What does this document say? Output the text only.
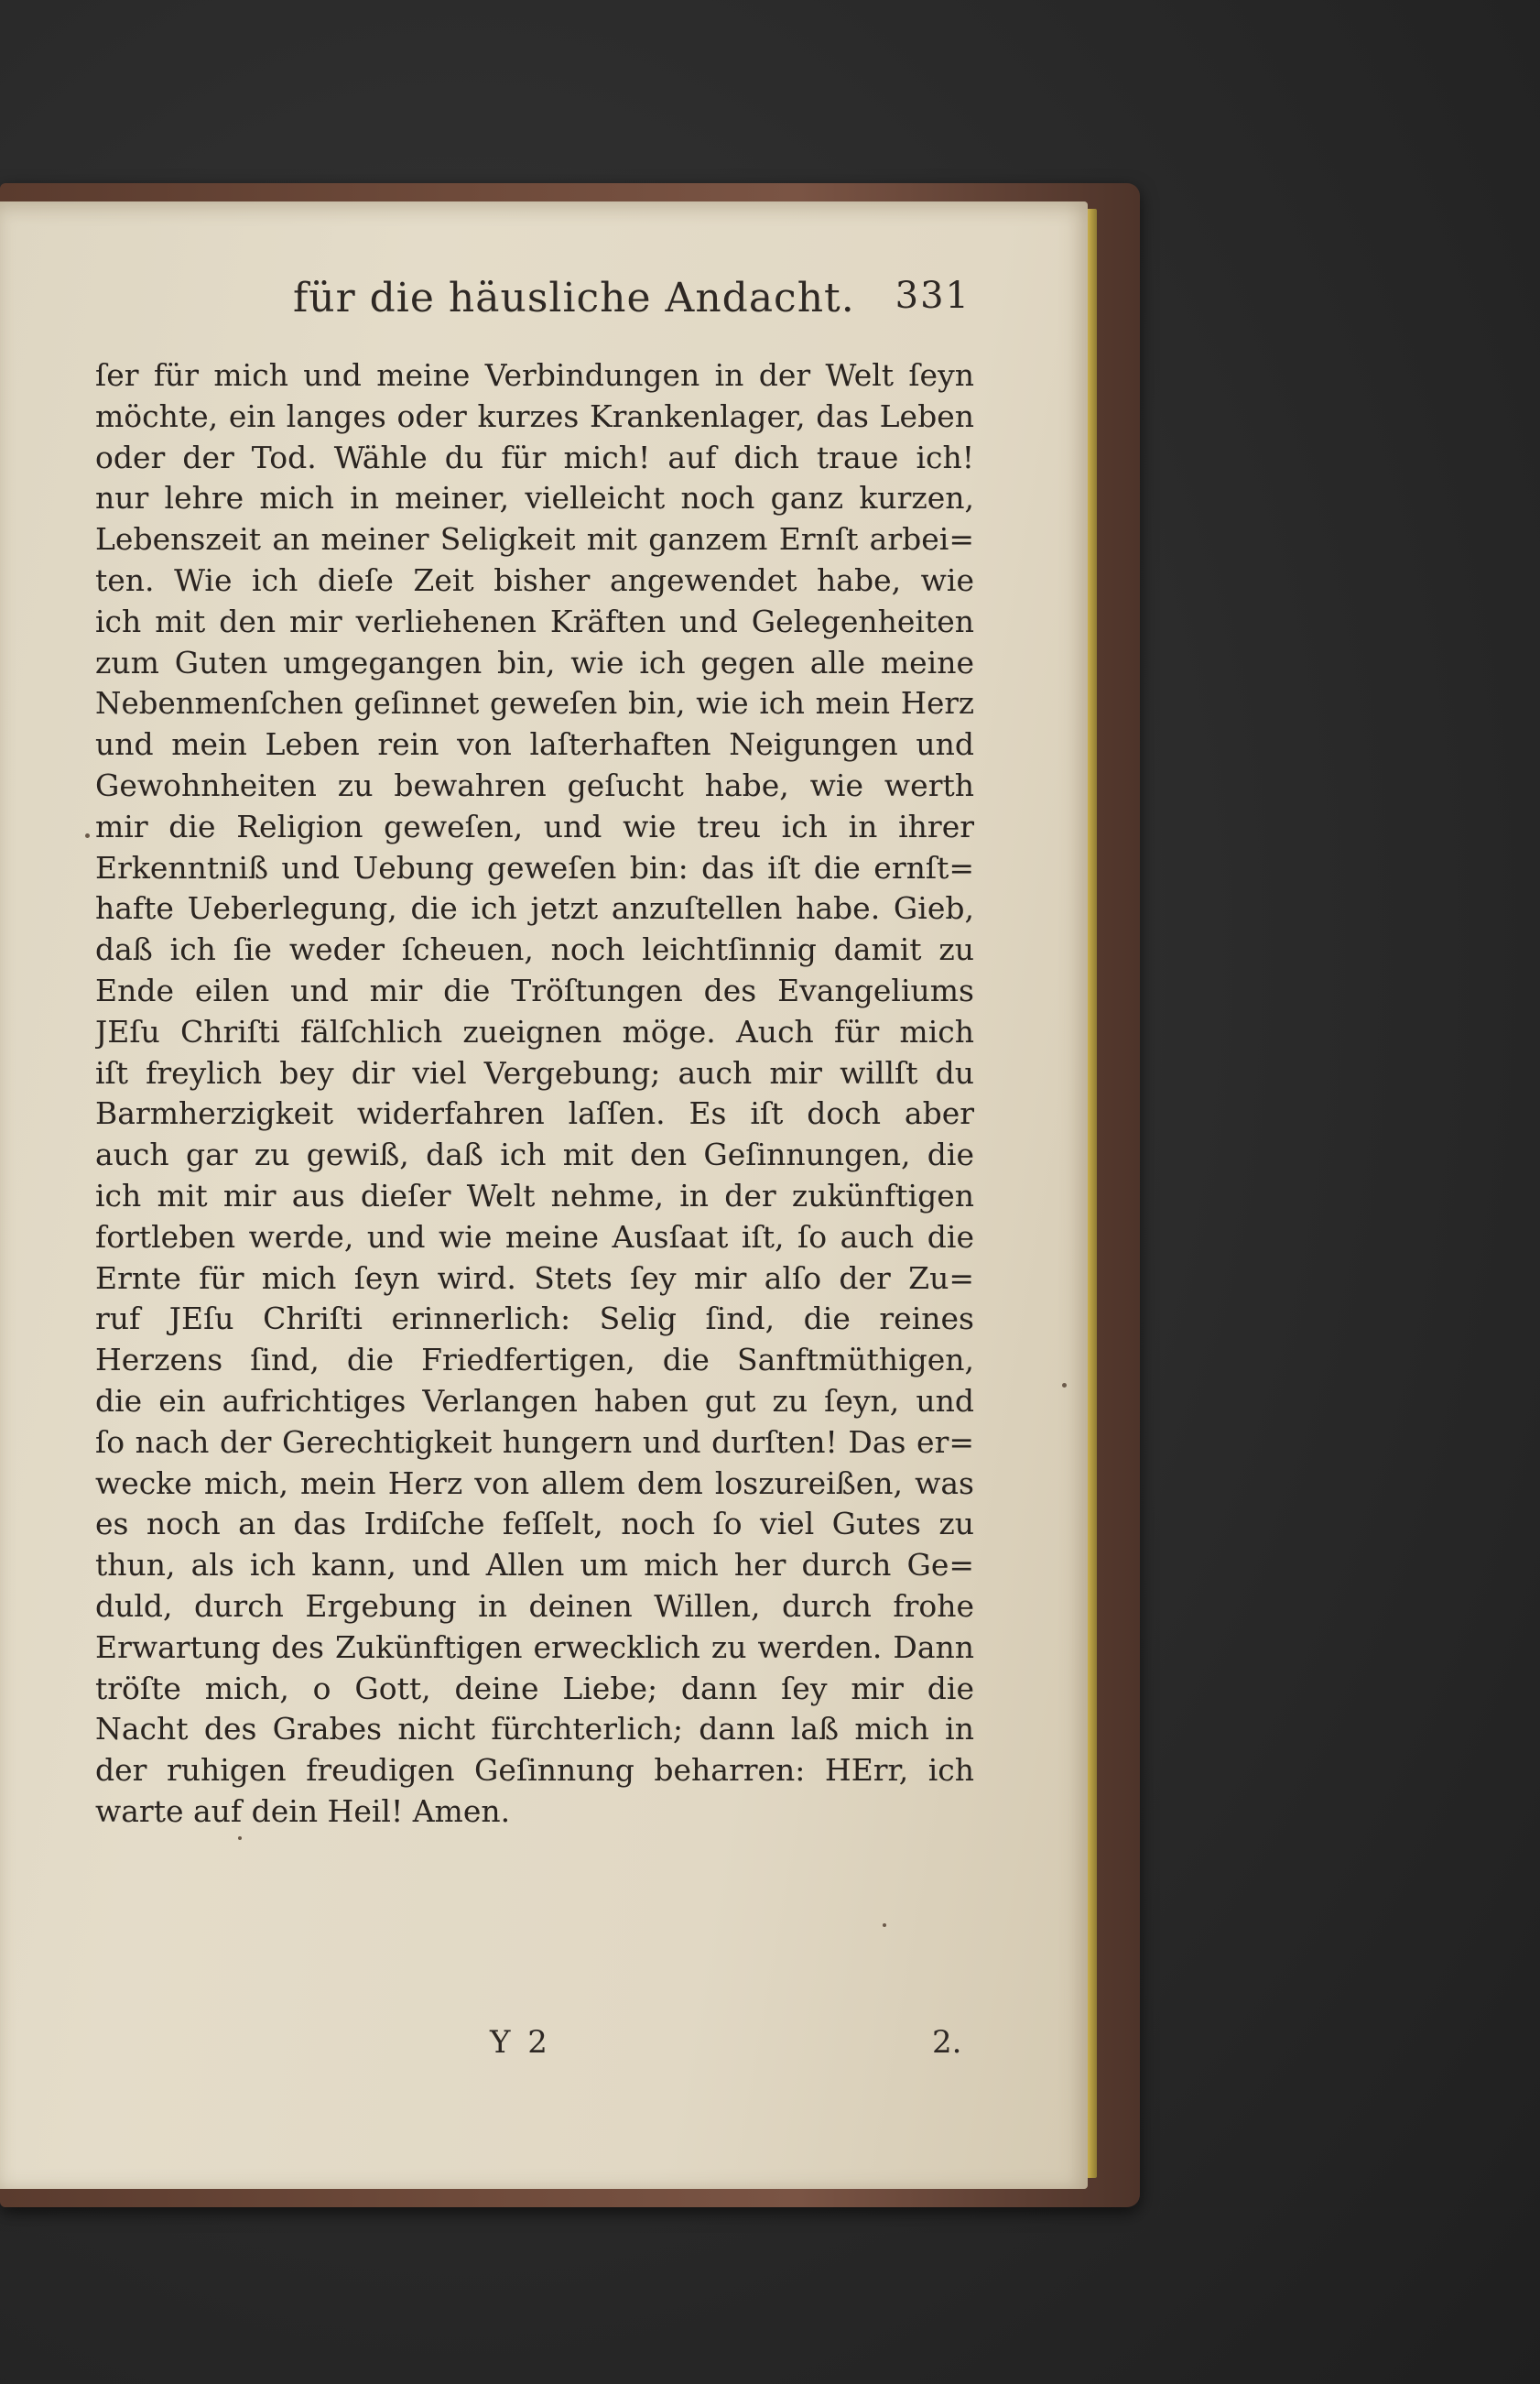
für die häusliche Andacht. 331
ſer für mich und meine Verbindungen in der Welt ſeyn
möchte, ein langes oder kurzes Krankenlager, das Leben
oder der Tod. Wähle du für mich! auf dich traue ich!
nur lehre mich in meiner, vielleicht noch ganz kurzen,
Lebenszeit an meiner Seligkeit mit ganzem Ernſt arbei=
ten. Wie ich dieſe Zeit bisher angewendet habe, wie
ich mit den mir verliehenen Kräften und Gelegenheiten
zum Guten umgegangen bin, wie ich gegen alle meine
Nebenmenſchen geſinnet geweſen bin, wie ich mein Herz
und mein Leben rein von laſterhaften Neigungen und
Gewohnheiten zu bewahren geſucht habe, wie werth
mir die Religion geweſen, und wie treu ich in ihrer
Erkenntniß und Uebung geweſen bin: das iſt die ernſt=
hafte Ueberlegung, die ich jetzt anzuſtellen habe. Gieb,
daß ich ſie weder ſcheuen, noch leichtſinnig damit zu
Ende eilen und mir die Tröſtungen des Evangeliums
JEſu Chriſti fälſchlich zueignen möge. Auch für mich
iſt freylich bey dir viel Vergebung; auch mir willſt du
Barmherzigkeit widerfahren laſſen. Es iſt doch aber
auch gar zu gewiß, daß ich mit den Geſinnungen, die
ich mit mir aus dieſer Welt nehme, in der zukünftigen
fortleben werde, und wie meine Ausſaat iſt, ſo auch die
Ernte für mich ſeyn wird. Stets ſey mir alſo der Zu=
ruf JEſu Chriſti erinnerlich: Selig ſind, die reines
Herzens ſind, die Friedfertigen, die Sanftmüthigen,
die ein aufrichtiges Verlangen haben gut zu ſeyn, und
ſo nach der Gerechtigkeit hungern und durſten! Das er=
wecke mich, mein Herz von allem dem loszureißen, was
es noch an das Irdiſche feſſelt, noch ſo viel Gutes zu
thun, als ich kann, und Allen um mich her durch Ge=
duld, durch Ergebung in deinen Willen, durch frohe
Erwartung des Zukünftigen erwecklich zu werden. Dann
tröſte mich, o Gott, deine Liebe; dann ſey mir die
Nacht des Grabes nicht fürchterlich; dann laß mich in
der ruhigen freudigen Geſinnung beharren: HErr, ich
warte auf dein Heil! Amen.
Y 2	2.
